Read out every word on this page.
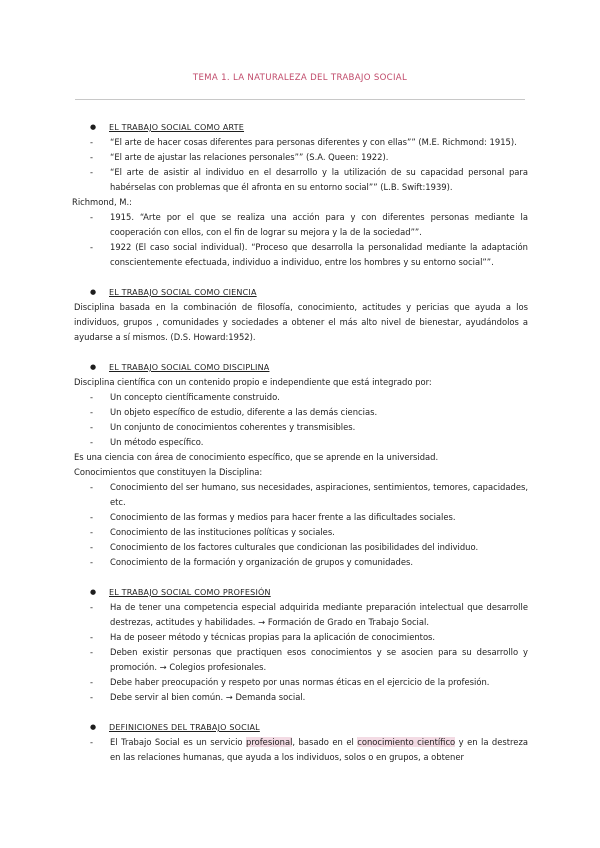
TEMA 1. LA NATURALEZA DEL TRABAJO SOCIAL
● EL TRABAJO SOCIAL COMO ARTE
- “El arte de hacer cosas diferentes para personas diferentes y con ellas”” (M.E. Richmond: 1915).
- “El arte de ajustar las relaciones personales”” (S.A. Queen: 1922).
- “El arte de asistir al individuo en el desarrollo y la utilización de su capacidad personal para habérselas con problemas que él afronta en su entorno social”” (L.B. Swift:1939).
Richmond, M.:
- 1915. “Arte por el que se realiza una acción para y con diferentes personas mediante la cooperación con ellos, con el fin de lograr su mejora y la de la sociedad””.
- 1922 (El caso social individual). “Proceso que desarrolla la personalidad mediante la adaptación conscientemente efectuada, individuo a individuo, entre los hombres y su entorno social””.
● EL TRABAJO SOCIAL COMO CIENCIA
Disciplina basada en la combinación de filosofía, conocimiento, actitudes y pericias que ayuda a los individuos, grupos , comunidades y sociedades a obtener el más alto nivel de bienestar, ayudándolos a ayudarse a sí mismos. (D.S. Howard:1952).
● EL TRABAJO SOCIAL COMO DISCIPLINA
Disciplina científica con un contenido propio e independiente que está integrado por:
- Un concepto científicamente construido.
- Un objeto específico de estudio, diferente a las demás ciencias.
- Un conjunto de conocimientos coherentes y transmisibles.
- Un método específico.
Es una ciencia con área de conocimiento específico, que se aprende en la universidad.
Conocimientos que constituyen la Disciplina:
- Conocimiento del ser humano, sus necesidades, aspiraciones, sentimientos, temores, capacidades, etc.
- Conocimiento de las formas y medios para hacer frente a las dificultades sociales.
- Conocimiento de las instituciones políticas y sociales.
- Conocimiento de los factores culturales que condicionan las posibilidades del individuo.
- Conocimiento de la formación y organización de grupos y comunidades.
● EL TRABAJO SOCIAL COMO PROFESIÓN
- Ha de tener una competencia especial adquirida mediante preparación intelectual que desarrolle destrezas, actitudes y habilidades. → Formación de Grado en Trabajo Social.
- Ha de poseer método y técnicas propias para la aplicación de conocimientos.
- Deben existir personas que practiquen esos conocimientos y se asocien para su desarrollo y promoción. → Colegios profesionales.
- Debe haber preocupación y respeto por unas normas éticas en el ejercicio de la profesión.
- Debe servir al bien común. → Demanda social.
● DEFINICIONES DEL TRABAJO SOCIAL
- El Trabajo Social es un servicio profesional, basado en el conocimiento científico y en la destreza en las relaciones humanas, que ayuda a los individuos, solos o en grupos, a obtener
